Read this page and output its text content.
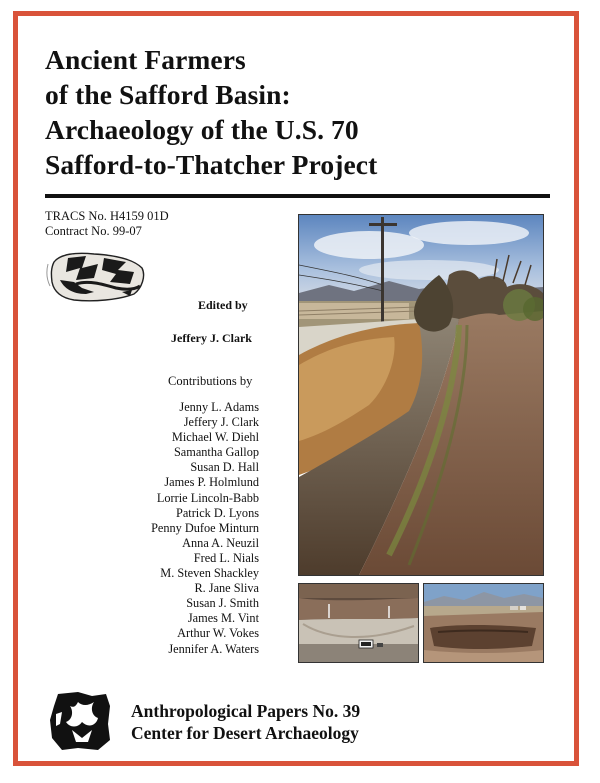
Ancient Farmers
of the Safford Basin:
Archaeology of the U.S. 70
Safford-to-Thatcher Project
TRACS No. H4159 01D
Contract No. 99-07
Edited by
Jeffery J. Clark
Contributions by
Jenny L. Adams
Jeffery J. Clark
Michael W. Diehl
Samantha Gallop
Susan D. Hall
James P. Holmlund
Lorrie Lincoln-Babb
Patrick D. Lyons
Penny Dufoe Minturn
Anna A. Neuzil
Fred L. Nials
M. Steven Shackley
R. Jane Sliva
Susan J. Smith
James M. Vint
Arthur W. Vokes
Jennifer A. Waters
Anthropological Papers No. 39
Center for Desert Archaeology
